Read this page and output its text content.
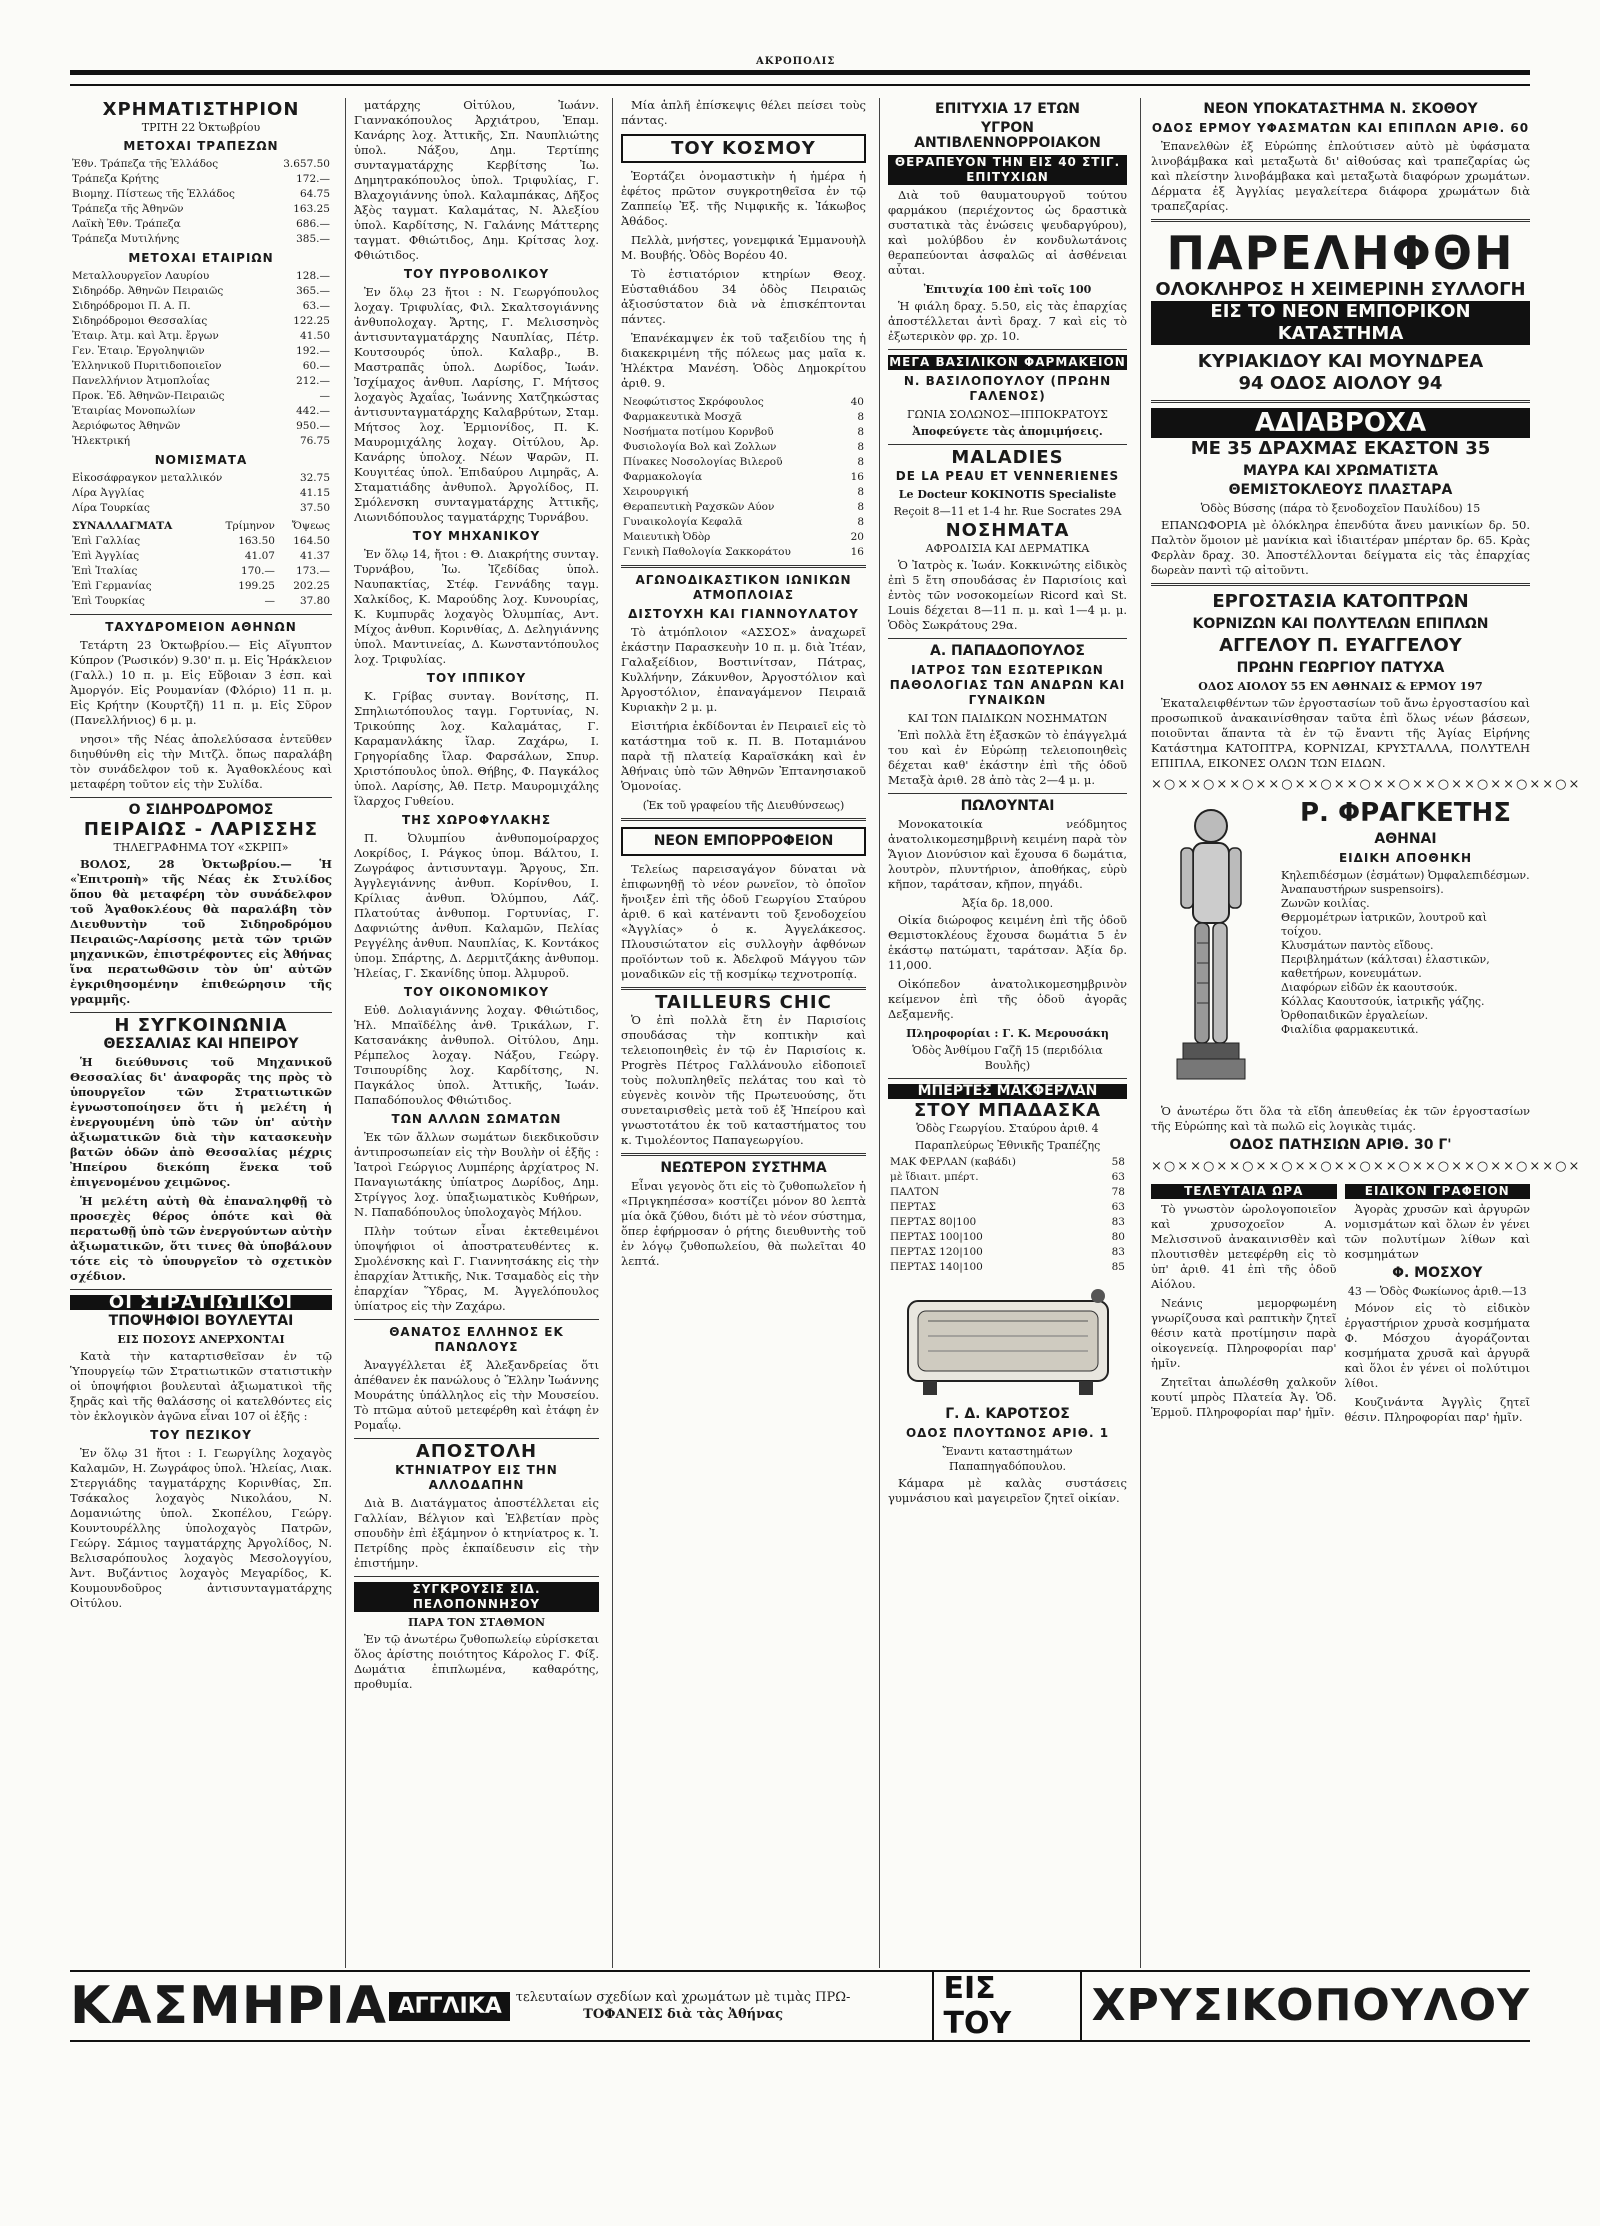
ΑΚΡΟΠΟΛΙΣ
ΧΡΗΜΑΤΙΣΤΗΡΙΟΝ
ΤΡΙΤΗ 22 Ὀκτωβρίου
ΜΕΤΟΧΑΙ ΤΡΑΠΕΖΩΝ
Ἐθν. Τράπεζα τῆς Ἑλλάδος	3.657.50
Τράπεζα Κρήτης	172.—
Βιομηχ. Πίστεως τῆς Ἑλλάδος	64.75
Τράπεζα τῆς Ἀθηνῶν	163.25
Λαϊκὴ Ἐθν. Τράπεζα	686.—
Τράπεζα Μυτιλήνης	385.—
ΜΕΤΟΧΑΙ ΕΤΑΙΡΙΩΝ
Μεταλλουργεῖον Λαυρίου	128.—
Σιδηρόδρ. Ἀθηνῶν Πειραιῶς	365.—
Σιδηρόδρομοι Π. Α. Π.	63.—
Σιδηρόδρομοι Θεσσαλίας	122.25
Ἐταιρ. Ἀτμ. καὶ Ἀτμ. ἔργων	41.50
Γεν. Ἐταιρ. Ἐργοληψιῶν	192.—
Ἑλληνικοῦ Πυριτιδοποιεῖον	60.—
Πανελλήνιον Ἀτμοπλοΐας	212.—
Προκ. Ἐδ. Ἀθηνῶν-Πειραιῶς	—
Ἐταιρίας Μονοπωλίων	442.—
Ἀεριόφωτος Ἀθηνῶν	950.—
Ἠλεκτρική	76.75
ΝΟΜΙΣΜΑΤΑ
Εἰκοσάφραγκον μεταλλικόν	32.75
Λίρα Ἀγγλίας	41.15
Λίρα Τουρκίας	37.50
ΣΥΝΑΛΛΑΓΜΑΤΑ	Τρίμηνον	Ὄψεως
Ἐπὶ Γαλλίας	163.50	164.50
Ἐπὶ Ἀγγλίας	41.07	41.37
Ἐπὶ Ἰταλίας	170.—	173.—
Ἐπὶ Γερμανίας	199.25	202.25
Ἐπὶ Τουρκίας	—	37.80
ΤΑΧΥΔΡΟΜΕΙΟΝ ΑΘΗΝΩΝ

Τετάρτη 23 Ὀκτωβρίου.— Εἰς Αἴγυπτον Κύπρον (Ῥωσικόν) 9.30' π. μ. Εἰς Ἡράκλειον (Γαλλ.) 10 π. μ. Εἰς Εὔβοιαν 3 ἑσπ. καὶ Ἀμοργόν. Εἰς Ρουμανίαν (Φλόριο) 11 π. μ. Εἰς Κρήτην (Κουρτζῆ) 11 π. μ. Εἰς Σῦρον (Πανελλήνιος) 6 μ. μ.

νησοι» τῆς Νέας ἀπολελύσασα ἐντεῦθεν διηυθύνθη εἰς τὴν Μιτζλ. ὅπως παραλάβη τὸν συνάδελφον τοῦ κ. Ἀγαθοκλέους καὶ μεταφέρη τοῦτον εἰς τὴν Συλίδα.

Ο ΣΙΔΗΡΟΔΡΟΜΟΣ
ΠΕΙΡΑΙΩΣ - ΛΑΡΙΣΣΗΣ
ΤΗΛΕΓΡΑΦΗΜΑ ΤΟΥ «ΣΚΡΙΠ»

ΒΟΛΟΣ, 28 Ὀκτωβρίου.— Ἡ «Ἐπιτροπὴ» τῆς Νέας ἐκ Στυλίδος ὅπου θὰ μεταφέρη τὸν συνάδελφον τοῦ Ἀγαθοκλέους θὰ παραλάβη τὸν Διευθυντὴν τοῦ Σιδηροδρόμου Πειραιῶς-Λαρίσσης μετὰ τῶν τριῶν μηχανικῶν, ἐπιστρέφοντες εἰς Ἀθήνας ἵνα περατωθῶσιν τὸν ὑπ' αὐτῶν ἐγκριθησομένην ἐπιθεώρησιν τῆς γραμμῆς.

Η ΣΥΓΚΟΙΝΩΝΙΑ
ΘΕΣΣΑΛΙΑΣ ΚΑΙ ΗΠΕΙΡΟΥ

Ἡ διεύθυνσις τοῦ Μηχανικοῦ Θεσσαλίας δι' ἀναφορᾶς της πρὸς τὸ ὑπουργεῖον τῶν Στρατιωτικῶν ἐγνωστοποίησεν ὅτι ἡ μελέτη ἡ ἐνεργουμένη ὑπὸ τῶν ὑπ' αὐτὴν ἀξιωματικῶν διὰ τὴν κατασκευὴν βατῶν ὁδῶν ἀπὸ Θεσσαλίας μέχρις Ἠπείρου διεκόπη ἕνεκα τοῦ ἐπιγενομένου χειμῶνος.

Ἡ μελέτη αὐτὴ θὰ ἐπαναληφθῇ τὸ προσεχὲς θέρος ὁπότε καὶ θὰ περατωθῇ ὑπὸ τῶν ἐνεργούντων αὐτὴν ἀξιωματικῶν, ὅτι τινες θὰ ὑποβάλουν τότε εἰς τὸ ὑπουργεῖον τὸ σχετικὸν σχέδιον.

ΟΙ ΣΤΡΑΤΙΩΤΙΚΟΙ
ΤΠΟΨΗΦΙΟΙ ΒΟΥΛΕΥΤΑΙ
ΕΙΣ ΠΟΣΟΥΣ ΑΝΕΡΧΟΝΤΑΙ

Κατὰ τὴν καταρτισθεῖσαν ἐν τῷ Ὑπουργείῳ τῶν Στρατιωτικῶν στατιστικὴν οἱ ὑποψήφιοι βουλευταὶ ἀξιωματικοὶ τῆς ξηρᾶς καὶ τῆς θαλάσσης οἱ κατελθόντες εἰς τὸν ἐκλογικὸν ἀγῶνα εἶναι 107 οἱ ἑξῆς :

ΤΟΥ ΠΕΖΙΚΟΥ

Ἐν ὅλῳ 31 ἤτοι : Ι. Γεωργίλης λοχαγὸς Καλαμῶν, Η. Ζωγράφος ὑπολ. Ἠλείας, Λιακ. Στεργιάδης ταγματάρχης Κορινθίας, Σπ. Τσάκαλος λοχαγὸς Νικολάου, Ν. Δομανιώτης ὑπολ. Σκοπέλου, Γεώργ. Κουντουρέλλης ὑπολοχαγὸς Πατρῶν, Γεώργ. Σάμιος ταγματάρχης Ἀργολίδος, Ν. Βελισαρόπουλος λοχαγὸς Μεσολογγίου, Ἀντ. Βυζάντιος λοχαγὸς Μεγαρίδος, Κ. Κουμουνδοῦρος ἀντισυνταγματάρχης Οἰτύλου.

ματάρχης Οἰτύλου, Ἰωάνν. Γιαννακόπουλος Ἀρχιάτρου, Ἐπαμ. Κανάρης λοχ. Ἀττικῆς, Σπ. Ναυπλιώτης ὑπολ. Νάξου, Δημ. Τερτίπης συνταγματάρχης Κερβίτσης Ἰω. Δημητρακόπουλος ὑπολ. Τριφυλίας, Γ. Βλαχογιάννης ὑπολ. Καλαμπάκας, Δῆξος Ἀξὸς ταγματ. Καλαμάτας, Ν. Ἀλεξίου ὑπολ. Καρδίτσης, Ν. Γαλάνης Μάττερης ταγματ. Φθιώτιδος, Δημ. Κρίτσας λοχ. Φθιώτιδος.

ΤΟΥ ΠΥΡΟΒΟΛΙΚΟΥ

Ἐν ὅλῳ 23 ἤτοι : Ν. Γεωργόπουλος λοχαγ. Τριφυλίας, Φιλ. Σκαλτσογιάννης ἀνθυπολοχαγ. Ἄρτης, Γ. Μελισσηνὸς ἀντισυνταγματάρχης Ναυπλίας, Πέτρ. Κουτσουρός ὑπολ. Καλαβρ., Β. Μαστραπᾶς ὑπολ. Δωρίδος, Ἰωάν. Ἰσχίμαχος ἀνθυπ. Λαρίσης, Γ. Μήτσος λοχαγὸς Ἀχαΐας, Ἰωάννης Χατζηκώστας ἀντισυνταγματάρχης Καλαβρύτων, Σταμ. Μήτσος λοχ. Ἐρμιονίδος, Π. Κ. Μαυρομιχάλης λοχαγ. Οἰτύλου, Ἀρ. Κανάρης ὑπολοχ. Νέων Ψαρῶν, Π. Κουγιτέας ὑπολ. Ἐπιδαύρου Λιμηρᾶς, Α. Σταματιάδης ἀνθυπολ. Ἀργολίδος, Π. Σμόλενσκη συνταγματάρχης Ἀττικῆς, Λιωνιδόπουλος ταγματάρχης Τυρνάβου.

ΤΟΥ ΜΗΧΑΝΙΚΟΥ

Ἐν ὅλῳ 14, ἤτοι : Θ. Διακρήτης συνταγ. Τυρνάβου, Ἰω. Ἰζεδίδας ὑπολ. Ναυπακτίας, Στέφ. Γεννάδης ταγμ. Χαλκίδος, Κ. Μαρούδης λοχ. Κυνουρίας, Κ. Κυμπυρᾶς λοχαγὸς Ὀλυμπίας, Αντ. Μίχος ἀνθυπ. Κορινθίας, Δ. Δεληγιάννης ὑπολ. Μαντινείας, Δ. Κωνσταντόπουλος λοχ. Τριφυλίας.

ΤΟΥ ΙΠΠΙΚΟΥ

Κ. Γρίβας συνταγ. Βονίτσης, Π. Σπηλιωτόπουλος ταγμ. Γορτυνίας, Ν. Τρικούπης λοχ. Καλαμάτας, Γ. Καραμανλάκης ἴλαρ. Ζαχάρω, Ι. Γρηγορίαδης ἴλαρ. Φαρσάλων, Σπυρ. Χριστόπουλος ὑπολ. Θήβης, Φ. Παγκάλος ὑπολ. Λαρίσης, Ἀθ. Πετρ. Μαυρομιχάλης ἴλαρχος Γυθείου.

ΤΗΣ ΧΩΡΟΦΥΛΑΚΗΣ

Π. Ὀλυμπίου ἀνθυπομοίραρχος Λοκρίδος, Ι. Ράγκος ὑπομ. Βάλτου, Ι. Ζωγράφος ἀντισυνταγμ. Ἄργους, Σπ. Ἀγγλεγιάννης ἀνθυπ. Κορίνθου, Ι. Κρίλιας ἀνθυπ. Ὀλύμπου, Λάζ. Πλατούτας ἀνθυπομ. Γορτυνίας, Γ. Δαφνιώτης ἀνθυπ. Καλαμῶν, Πελίας Ρεγγέλης ἀνθυπ. Ναυπλίας, Κ. Κοντάκος ὑπομ. Σπάρτης, Δ. Δερμιτζάκης ἀνθυπομ. Ἠλείας, Γ. Σκανίδης ὑπομ. Ἀλμυροῦ.

ΤΟΥ ΟΙΚΟΝΟΜΙΚΟΥ

Εὐθ. Δολιαγιάννης λοχαγ. Φθιώτιδος, Ἠλ. Μπαϊδέλης ἀνθ. Τρικάλων, Γ. Κατσανάκης ἀνθυπολ. Οἰτύλου, Δημ. Ρέμπελος λοχαγ. Νάξου, Γεώργ. Τσιπουρίδης λοχ. Καρδίτσης, Ν. Παγκάλος ὑπολ. Ἀττικῆς, Ἰωάν. Παπαδόπουλος Φθιώτιδος.

ΤΩΝ ΑΛΛΩΝ ΣΩΜΑΤΩΝ

Ἐκ τῶν ἄλλων σωμάτων διεκδικοῦσιν ἀντιπροσωπείαν εἰς τὴν Βουλὴν οἱ ἑξῆς : Ἰατροὶ Γεώργιος Λυμπέρης ἀρχίατρος Ν. Παναγιωτάκης ὑπίατρος Δωρίδος, Δημ. Στρίγγος λοχ. ὑπαξιωματικὸς Κυθήρων, Ν. Παπαδόπουλος ὑπολοχαγὸς Μήλου.

Πλὴν τούτων εἶναι ἐκτεθειμένοι ὑποψήφιοι οἱ ἀποστρατευθέντες κ. Σμολένσκης καὶ Γ. Γιαννητσάκης εἰς τὴν ἐπαρχίαν Ἀττικῆς, Νικ. Τσαμαδὸς εἰς τὴν ἐπαρχίαν Ὕδρας, Μ. Ἀγγελόπουλος ὑπίατρος εἰς τὴν Ζαχάρω.

ΘΑΝΑΤΟΣ ΕΛΛΗΝΟΣ ΕΚ ΠΑΝΩΛΟΥΣ

Ἀναγγέλλεται ἐξ Ἀλεξανδρείας ὅτι ἀπέθανεν ἐκ πανώλους ὁ Ἕλλην Ἰωάννης Μουράτης ὑπάλληλος εἰς τὴν Μουσείου. Τὸ πτῶμα αὐτοῦ μετεφέρθη καὶ ἐτάφη ἐν Ρομαΐῳ.

ΑΠΟΣΤΟΛΗ
ΚΤΗΝΙΑΤΡΟΥ ΕΙΣ ΤΗΝ ΑΛΛΟΔΑΠΗΝ

Διὰ Β. Διατάγματος ἀποστέλλεται εἰς Γαλλίαν, Βέλγιον καὶ Ἑλβετίαν πρὸς σπουδὴν ἐπὶ ἐξάμηνον ὁ κτηνίατρος κ. Ἰ. Πετρίδης πρὸς ἐκπαίδευσιν εἰς τὴν ἐπιστήμην.

ΣΥΓΚΡΟΥΣΙΣ ΣΙΔ. ΠΕΛΟΠΟΝΝΗΣΟΥ
ΠΑΡΑ ΤΟΝ ΣΤΑΘΜΟΝ

Ἐν τῷ ἀνωτέρω ζυθοπωλείῳ εὑρίσκεται ὅλος ἀρίστης ποιότητος Κάρολος Γ. Φίξ. Δωμάτια ἐπιπλωμένα, καθαρότης, προθυμία.

Μία ἁπλῆ ἐπίσκεψις θέλει πείσει τοὺς πάντας.

ΤΟΥ ΚΟΣΜΟΥ

Ἑορτάζει ὀνομαστικὴν ἡ ἡμέρα ἡ ἐφέτος πρῶτον συγκροτηθεῖσα ἐν τῷ Ζαππείῳ Ἐξ. τῆς Νιμφικῆς κ. Ἰάκωβος Ἀθάδος.

Πελλὰ, μνήστες, γονεμφικά Ἐμμανουὴλ Μ. Βουβής. Ὁδὸς Βορέου 40.

Τὸ ἑστιατόριον κτηρίων Θεοχ. Εὐσταθιάδου 34 ὁδὸς Πειραιῶς ἀξιοσύστατον διὰ νὰ ἐπισκέπτονται πάντες.

Ἐπανέκαμψεν ἐκ τοῦ ταξειδίου της ἡ διακεκριμένη τῆς πόλεως μας μαῖα κ. Ἠλέκτρα Μανέση. Ὁδὸς Δημοκρίτου ἀριθ. 9.

Νεοφώτιστος Σκρόφουλος	40
Φαρμακευτικὰ Μοσχᾶ	8
Νοσήματα ποτίμου Κορνβοῦ	8
Φυσιολογία Βολ καὶ Ζολλων	8
Πίνακες Νοσολογίας Βιλεροῦ	8
Φαρμακολογία	16
Χειρουργική	8
Θεραπευτικὴ Ραχσκῶν Αύον	8
Γυναικολογία Κεφαλᾶ	8
Μαιευτικὴ Ὀδὸρ	20
Γενικὴ Παθολογία Σακκοράτου	16
ΑΓΩΝΟΔΙΚΑΣΤΙΚΟΝ ΙΩΝΙΚΩΝ ΑΤΜΟΠΛΟΙΑΣ
ΔΙΣΤΟΥΧΗ ΚΑΙ ΓΙΑΝΝΟΥΛΑΤΟΥ

Τὸ ἀτμόπλοιον «ΑΣΣΟΣ» ἀναχωρεῖ ἐκάστην Παρασκευὴν 10 π. μ. διὰ Ἰτέαν, Γαλαξείδιον, Βοστινίτσαν, Πάτρας, Κυλλήνην, Ζάκυνθον, Ἀργοστόλιον καὶ Ἀργοστόλιον, ἐπαναγάμενον Πειραιᾶ Κυριακὴν 2 μ. μ.

Εἰσιτήρια ἐκδίδονται ἐν Πειραιεῖ εἰς τὸ κατάστημα τοῦ κ. Π. Β. Ποταμιάνου παρὰ τῇ πλατείᾳ Καραϊσκάκη καὶ ἐν Ἀθήναις ὑπὸ τῶν Ἀθηνῶν Ἐπτανησιακοῦ Ὁμονοίας.

(Ἐκ τοῦ γραφείου τῆς Διευθύνσεως)
ΝΕΟΝ ΕΜΠΟΡΡΟΦΕΙΟΝ

Τελείως παρεισαγάγον δύναται νὰ ἐπιφωνηθῇ τὸ νέον ρωνεῖον, τὸ ὁποῖον ἤνοιξεν ἐπὶ τῆς ὁδοῦ Γεωργίου Σταύρου ἀριθ. 6 καὶ κατέναντι τοῦ ξενοδοχείου «Ἀγγλίας» ὁ κ. Ἀγγελάκεσος. Πλουσιώτατον εἰς συλλογὴν ἀφθόνων προϊόντων τοῦ κ. Ἀδελφοῦ Μάγγου τῶν μοναδικῶν εἰς τῇ κοσμίκῳ τεχνοτροπίᾳ.

TAILLEURS CHIC

Ὁ ἐπὶ πολλὰ ἔτη ἐν Παρισίοις σπουδάσας τὴν κοπτικὴν καὶ τελειοποιηθεὶς ἐν τῷ ἐν Παρισίοις κ. Progrès Πέτρος Γαλλάνουλο εἰδοποιεῖ τοὺς πολυπληθεῖς πελάτας του καὶ τὸ εὐγενὲς κοινὸν τῆς Πρωτευούσης, ὅτι συνεταιρισθεὶς μετὰ τοῦ ἐξ Ἠπείρου καὶ γνωστοτάτου ἐκ τοῦ καταστήματος του κ. Τιμολέοντος Παπαγεωργίου.

ΝΕΩΤΕΡΟΝ ΣΥΣΤΗΜΑ

Εἶναι γεγονὸς ὅτι εἰς τὸ ζυθοπωλεῖον ἡ «Πριγκηπέσσα» κοστίζει μόνον 80 λεπτὰ μία ὁκᾶ ζύθου, διότι μὲ τὸ νέον σύστημα, ὅπερ ἐφήρμοσαν ὁ ρήτης διευθυντὴς τοῦ ἐν λόγῳ ζυθοπωλείου, θὰ πωλεῖται 40 λεπτά.

ΕΠΙΤΥΧΙΑ 17 ΕΤΩΝ
ΥΓΡΟΝ ΑΝΤΙΒΛΕΝΝΟΡΡΟΙΑΚΟΝ
ΘΕΡΑΠΕΥΟΝ ΤΗΝ ΕΙΣ 40 ΣΤΙΓ. ΕΠΙΤΥΧΙΩΝ

Διὰ τοῦ θαυματουργοῦ τούτου φαρμάκου (περιέχοντος ὡς δραστικὰ συστατικὰ τὰς ἐνώσεις ψευδαργύρου), καὶ μολύβδου ἐν κονδυλωτάνοις θεραπεύονται ἀσφαλῶς αἱ ἀσθένειαι αὗται.

Ἐπιτυχία 100 ἐπὶ τοῖς 100

Ἡ φιάλη δραχ. 5.50, εἰς τὰς ἐπαρχίας ἀποστέλλεται ἀντὶ δραχ. 7 καὶ εἰς τὸ ἐξωτερικὸν φρ. χρ. 10.

ΜΕΓΑ ΒΑΣΙΛΙΚΟΝ ΦΑΡΜΑΚΕΙΟΝ
Ν. ΒΑΣΙΛΟΠΟΥΛΟΥ (ΠΡΩΗΝ ΓΑΛΕΝΟΣ)
ΓΩΝΙΑ ΣΟΛΩΝΟΣ—ΙΠΠΟΚΡΑΤΟΥΣ
Ἀποφεύγετε τὰς ἀπομιμήσεις.
MALADIES
DE LA PEAU ET VENNERIENES
Le Docteur KOKINOTIS Specialiste
Reçoit 8—11 et 1-4 hr. Rue Socrates 29A
ΝΟΣΗΜΑΤΑ
ΑΦΡΟΔΙΣΙΑ ΚΑΙ ΔΕΡΜΑΤΙΚΑ

Ὁ Ἰατρὸς κ. Ἰωάν. Κοκκινώτης εἰδικὸς ἐπὶ 5 ἔτη σπουδάσας ἐν Παρισίοις καὶ ἐντὸς τῶν νοσοκομείων Ricord καὶ St. Louis δέχεται 8—11 π. μ. καὶ 1—4 μ. μ. Ὁδὸς Σωκράτους 29α.

Α. ΠΑΠΑΔΟΠΟΥΛΟΣ
ΙΑΤΡΟΣ ΤΩΝ ΕΣΩΤΕΡΙΚΩΝ ΠΑΘΟΛΟΓΙΑΣ ΤΩΝ ΑΝΔΡΩΝ ΚΑΙ ΓΥΝΑΙΚΩΝ
ΚΑΙ ΤΩΝ ΠΑΙΔΙΚΩΝ ΝΟΣΗΜΑΤΩΝ

Ἐπὶ πολλὰ ἔτη ἐξασκῶν τὸ ἐπάγγελμά του καὶ ἐν Εὐρώπῃ τελειοποιηθεὶς δέχεται καθ' ἑκάστην ἐπὶ τῆς ὁδοῦ Μεταξὰ ἀριθ. 28 ἀπὸ τὰς 2—4 μ. μ.

ΠΩΛΟΥΝΤΑΙ

Μονοκατοικία νεόδμητος ἀνατολικομεσημβρινὴ κειμένη παρὰ τὸν Ἅγιον Διονύσιον καὶ ἔχουσα 6 δωμάτια, λουτρὸν, πλυντήριον, ἀποθήκας, εὐρὺ κῆπον, ταράτσαν, κῆπον, πηγάδι.

Ἀξία δρ. 18,000.

Οἰκία διώροφος κειμένη ἐπὶ τῆς ὁδοῦ Θεμιστοκλέους ἔχουσα δωμάτια 5 ἐν ἑκάστῳ πατώματι, ταράτσαν. Ἀξία δρ. 11,000.

Οἰκόπεδον ἀνατολικομεσημβρινὸν κείμενον ἐπὶ τῆς ὁδοῦ ἀγορᾶς Δεξαμενῆς.

Πληροφορίαι : Γ. Κ. Μερουσάκη
Ὁδὸς Ἀνθίμου Γαζῆ 15 (περιδόλια Βουλῆς)
ΜΠΕΡΤΕΣ ΜΑΚΦΕΡΛΑΝ
ΣΤΟΥ ΜΠΑΔΑΣΚΑ
Ὁδὸς Γεωργίου. Σταύρου ἀριθ. 4
Παραπλεύρως Ἐθνικῆς Τραπέζης
ΜΑΚ ΦΕΡΛΑΝ (καβάδι)	58
μὲ ἴδιαιτ. μπέρτ.	63
ΠΑΛΤΟΝ	78
ΠΕΡΤΑΣ	63
ΠΕΡΤΑΣ 80|100	83
ΠΕΡΤΑΣ 100|100	80
ΠΕΡΤΑΣ 120|100	83
ΠΕΡΤΑΣ 140|100	85
Γ. Δ. ΚΑΡΟΤΣΟΣ
ΟΔΟΣ ΠΛΟΥΤΩΝΟΣ ΑΡΙΘ. 1
Ἔναντι καταστημάτων Παπαπηγαδόπουλου.

Κάμαρα μὲ καλὰς συστάσεις γυμνάσιου καὶ μαγειρεῖον ζητεῖ οἰκίαν.

ΝΕΟΝ ΥΠΟΚΑΤΑΣΤΗΜΑ Ν. ΣΚΟΘΟΥ
ΟΔΟΣ ΕΡΜΟΥ ΥΦΑΣΜΑΤΩΝ ΚΑΙ ΕΠΙΠΛΩΝ ΑΡΙΘ. 60

Ἐπανελθὼν ἐξ Εὐρώπης ἐπλούτισεν αὐτὸ μὲ ὑφάσματα λινοβάμβακα καὶ μεταξωτὰ δι' αἰθούσας καὶ τραπεζαρίας ὡς καὶ πλείστην λινοβάμβακα καὶ μεταξωτὰ διαφόρων χρωμάτων. Δέρματα ἐξ Ἀγγλίας μεγαλείτερα διάφορα χρωμάτων διὰ τραπεζαρίας.

ΠΑΡΕΛΗΦΘΗ
ΟΛΟΚΛΗΡΟΣ Η ΧΕΙΜΕΡΙΝΗ ΣΥΛΛΟΓΗ
ΕΙΣ ΤΟ ΝΕΟΝ ΕΜΠΟΡΙΚΟΝ ΚΑΤΑΣΤΗΜΑ
ΚΥΡΙΑΚΙΔΟΥ ΚΑΙ ΜΟΥΝΔΡΕΑ
94 ΟΔΟΣ ΑΙΟΛΟΥ 94
ΑΔΙΑΒΡΟΧΑ
ΜΕ 35 ΔΡΑΧΜΑΣ ΕΚΑΣΤΟΝ 35
ΜΑΥΡΑ ΚΑΙ ΧΡΩΜΑΤΙΣΤΑ
ΘΕΜΙΣΤΟΚΛΕΟΥΣ ΠΛΑΣΤΑΡΑ
Ὁδὸς Βύσσης (πάρα τὸ ξενοδοχεῖον Παυλίδου) 15

ΕΠΑΝΩΦΟΡΙΑ μὲ ὁλόκληρα ἐπενδύτα ἄνευ μανικίων δρ. 50. Παλτὸν ὅμοιον μὲ μανίκια καὶ ἰδιαιτέραν μπέρταν δρ. 65. Κρὰς Φερλὰν δραχ. 30. Ἀποστέλλονται δείγματα εἰς τὰς ἐπαρχίας δωρεὰν παντὶ τῷ αἰτοῦντι.

ΕΡΓΟΣΤΑΣΙΑ ΚΑΤΟΠΤΡΩΝ
ΚΟΡΝΙΖΩΝ ΚΑΙ ΠΟΛΥΤΕΛΩΝ ΕΠΙΠΛΩΝ
ΑΓΓΕΛΟΥ Π. ΕΥΑΓΓΕΛΟΥ
ΠΡΩΗΝ ΓΕΩΡΓΙΟΥ ΠΑΤΥΧΑ
ΟΔΟΣ ΑΙΟΛΟΥ 55 ΕΝ ΑΘΗΝΑΙΣ & ΕΡΜΟΥ 197

Ἐκαταλειφθέντων τῶν ἐργοστασίων τοῦ ἄνω ἐργοστασίου καὶ προσωπικοῦ ἀνακαινίσθησαν ταῦτα ἐπὶ ὅλως νέων βάσεων, ποιοῦνται ἅπαντα τὰ ἐν τῷ ἔναντι τῆς Ἁγίας Εἰρήνης Κατάστημα ΚΑΤΟΠΤΡΑ, ΚΟΡΝΙΖΑΙ, ΚΡΥΣΤΑΛΛΑ, ΠΟΛΥΤΕΛΗ ΕΠΙΠΛΑ, ΕΙΚΟΝΕΣ ΟΛΩΝ ΤΩΝ ΕΙΔΩΝ.

×○××○××○××○××○××○××○××○××○××○××○×
Ρ. ΦΡΑΓΚΕΤΗΣ
ΑΘΗΝΑΙ
ΕΙΔΙΚΗ ΑΠΟΘΗΚΗ
Κηλεπιδέσμων (ἐσμάτων) Ὀμφαλεπιδέσμων.
Ἀναπαυστήρων suspensoirs).
Ζωνῶν κοιλίας.
Θερμομέτρων ἰατρικῶν, λουτροῦ καὶ τοίχου.
Κλυσμάτων παντὸς εἴδους.
Περιβλημάτων (κάλτσαι) ἐλαστικῶν, καθετήρων, κονευμάτων.
Διαφόρων εἰδῶν ἐκ καουτσούκ.
Κόλλας Καουτσούκ, ἰατρικῆς γάζης.
Ὀρθοπαιδικῶν ἐργαλείων.
Φιαλίδια φαρμακευτικά.

Ὁ ἀνωτέρω ὅτι ὅλα τὰ εἴδη ἀπευθείας ἐκ τῶν ἐργοστασίων τῆς Εὐρώπης καὶ τὰ πωλῶ εἰς λογικὰς τιμάς.

ΟΔΟΣ ΠΑΤΗΣΙΩΝ ΑΡΙΘ. 30 Γ'
×○××○××○××○××○××○××○××○××○××○××○×
ΤΕΛΕΥΤΑΙΑ ΩΡΑ

Τὸ γνωστὸν ὡρολογοποιεῖον καὶ χρυσοχοεῖον Α. Μελισσινοῦ ἀνακαινισθὲν καὶ πλουτισθὲν μετεφέρθη εἰς τὸ ὑπ' ἀριθ. 41 ἐπὶ τῆς ὁδοῦ Αἰόλου.

Νεάνις μεμορφωμένη γνωρίζουσα καὶ ραπτικὴν ζητεῖ θέσιν κατὰ προτίμησιν παρὰ οἰκογενείᾳ. Πληροφορίαι παρ' ἡμῖν.

Ζητεῖται ἀπωλέσθη χαλκοῦν κουτί μπρὸς Πλατεία Ἀγ. Ὁδ. Ἑρμοῦ. Πληροφορίαι παρ' ἡμῖν.

ΕΙΔΙΚΟΝ ΓΡΑΦΕΙΟΝ

Ἀγορὰς χρυσῶν καὶ ἀργυρῶν νομισμάτων καὶ ὅλων ἐν γένει τῶν πολυτίμων λίθων καὶ κοσμημάτων

Φ. ΜΟΣΧΟΥ
43 — Ὁδὸς Φωκίωνος ἀριθ.—13

Μόνον εἰς τὸ εἰδικὸν ἐργαστήριον χρυσὰ κοσμήματα Φ. Μόσχου ἀγοράζονται κοσμήματα χρυσᾶ καὶ ἀργυρᾶ καὶ ὅλοι ἐν γένει οἱ πολύτιμοι λίθοι.

Κουζινάντα Ἀγγλὶς ζητεῖ θέσιν. Πληροφορίαι παρ' ἡμῖν.

ΚΑΣΜΗΡΙΑ ΑΓΓΛΙΚΑ	τελευταίων σχεδίων καὶ χρωμάτων μὲ τιμὰς ΠΡΩ-
ΤΟΦΑΝΕΙΣ διὰ τὰς Ἀθήνας
ΕΙΣ ΤΟΥ	ΧΡΥΣΙΚΟΠΟΥΛΟΥ
